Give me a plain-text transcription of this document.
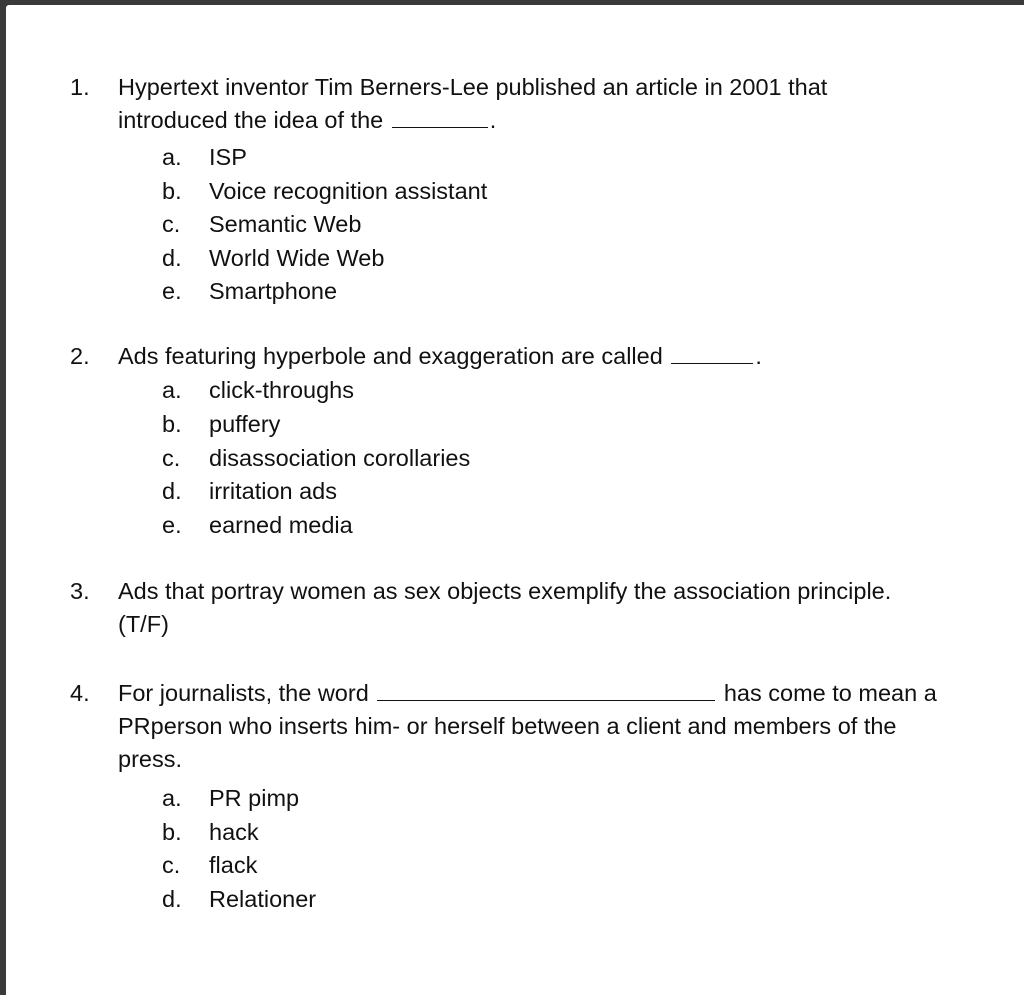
1.	Hypertext inventor Tim Berners-Lee published an article in 2001 that
introduced the idea of the	.
a.	ISP
b.	Voice recognition assistant
c.	Semantic Web
d.	World Wide Web
e.	Smartphone
2.	Ads featuring hyperbole and exaggeration are called	.
a.	click-throughs
b.	puffery
c.	disassociation corollaries
d.	irritation ads
e.	earned media
3.	Ads that portray women as sex objects exemplify the association principle.
(T/F)
4.	For journalists, the word	has come to mean a
PRperson who inserts him- or herself between a client and members of the
press.
a.	PR pimp
b.	hack
c.	flack
d.	Relationer
